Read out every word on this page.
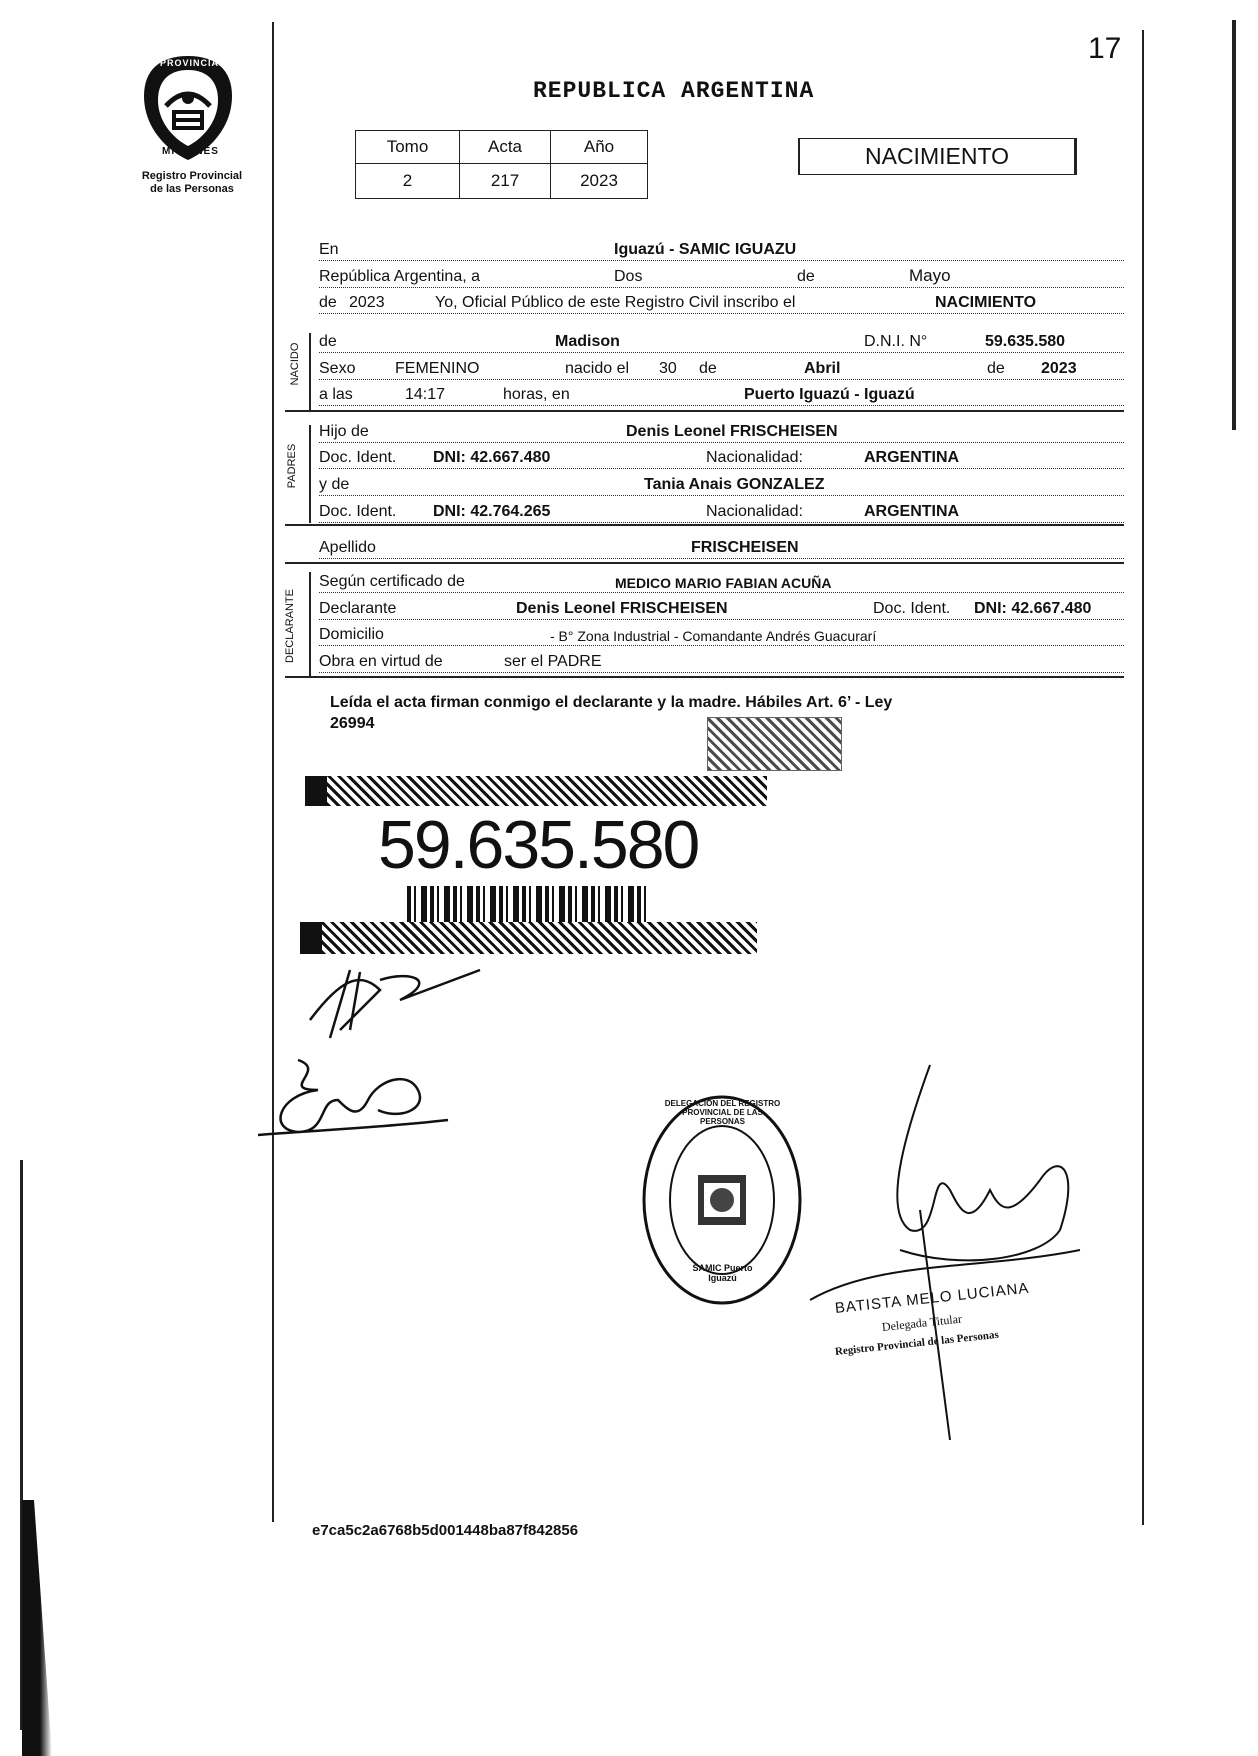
17
PROVINCIA
MISIONES
Registro Provincial
de las Personas
REPUBLICA ARGENTINA
Tomo	Acta	Año
2	217	2023
NACIMIENTO
En	Iguazú - SAMIC IGUAZU
República Argentina, a	Dos	de	Mayo
de 2023	Yo, Oficial Público de este Registro Civil inscribo el	NACIMIENTO
NACIDO
de	Madison	D.N.I. N°	59.635.580
Sexo FEMENINO	nacido el 30 de	Abril	de 2023
a las	14:17	horas, en	Puerto Iguazú - Iguazú
PADRES
Hijo de	Denis Leonel FRISCHEISEN
Doc. Ident. DNI: 42.667.480	Nacionalidad:	ARGENTINA
y de	Tania Anais GONZALEZ
Doc. Ident. DNI: 42.764.265	Nacionalidad:	ARGENTINA
Apellido	FRISCHEISEN
DECLARANTE
Según certificado de	MEDICO MARIO FABIAN ACUÑA
Declarante	Denis Leonel FRISCHEISEN	Doc. Ident. DNI: 42.667.480
Domicilio	- B° Zona Industrial - Comandante Andrés Guacurarí
Obra en virtud de	ser el PADRE
Leída el acta firman conmigo el declarante y la madre. Hábiles Art. 6’ - Ley
26994
59.635.580
DELEGACION DEL REGISTRO PROVINCIAL DE LAS PERSONAS
SAMIC Puerto Iguazú
BATISTA MELO LUCIANA
Delegada Titular
Registro Provincial de las Personas
e7ca5c2a6768b5d001448ba87f842856
